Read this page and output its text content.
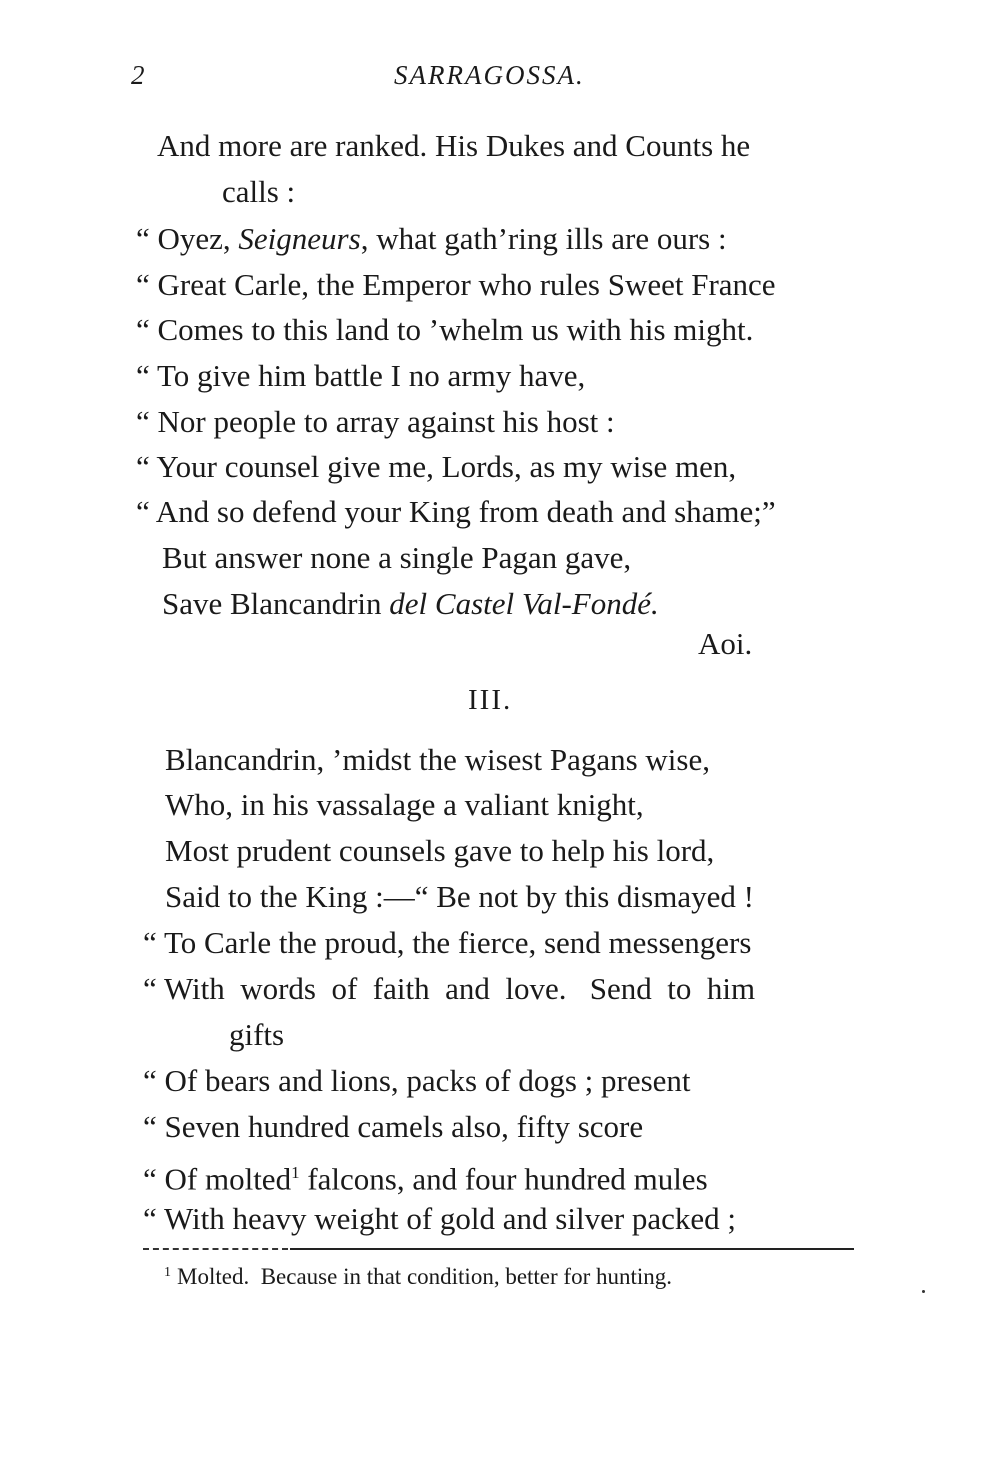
2	SARRAGOSSA.
And more are ranked. His Dukes and Counts he
calls :
“ Oyez, Seigneurs, what gath’ring ills are ours :
“ Great Carle, the Emperor who rules Sweet France
“ Comes to this land to ’whelm us with his might.
“ To give him battle I no army have,
“ Nor people to array against his host :
“ Your counsel give me, Lords, as my wise men,
“ And so defend your King from death and shame;”
But answer none a single Pagan gave,
Save Blancandrin del Castel Val-Fondé.
Aoi.
III.
Blancandrin, ’midst the wisest Pagans wise,
Who, in his vassalage a valiant knight,
Most prudent counsels gave to help his lord,
Said to the King :—“ Be not by this dismayed !
“ To Carle the proud, the fierce, send messengers
“ With  words  of  faith  and  love.   Send  to  him
gifts
“ Of bears and lions, packs of dogs ; present
“ Seven hundred camels also, fifty score
“ Of molted$^1$ falcons, and four hundred mules
“ With heavy weight of gold and silver packed ;
$^1$ Molted.  Because in that condition, better for hunting.
